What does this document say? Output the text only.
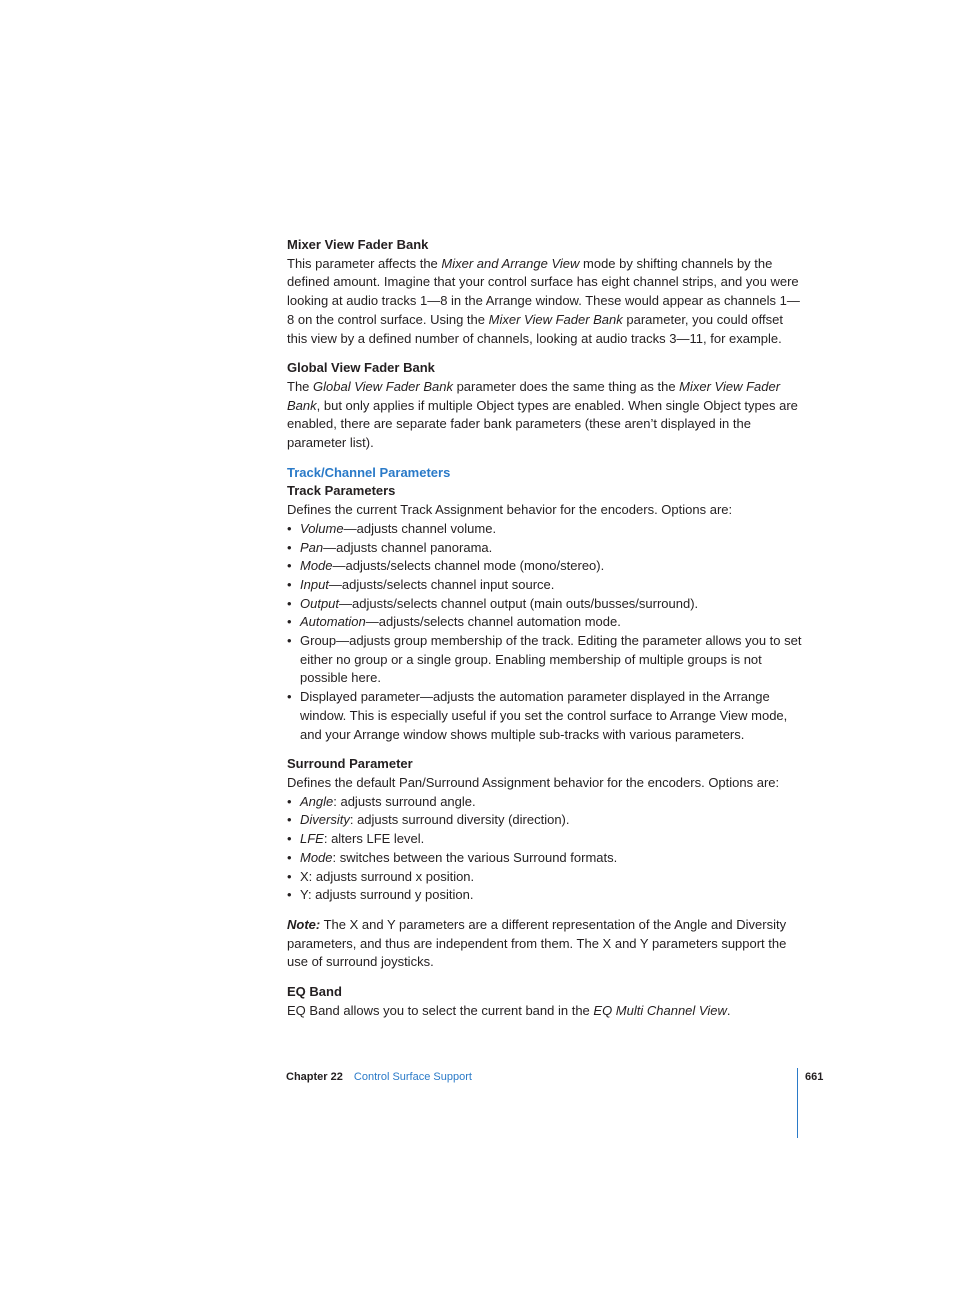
Mixer View Fader Bank

This parameter affects the Mixer and Arrange View mode by shifting channels by the defined amount. Imagine that your control surface has eight channel strips, and you were looking at audio tracks 1—8 in the Arrange window. These would appear as channels 1—8 on the control surface. Using the Mixer View Fader Bank parameter, you could offset this view by a defined number of channels, looking at audio tracks 3—11, for example.

Global View Fader Bank

The Global View Fader Bank parameter does the same thing as the Mixer View Fader Bank, but only applies if multiple Object types are enabled. When single Object types are enabled, there are separate fader bank parameters (these aren’t displayed in the parameter list).

Track/Channel Parameters

Track Parameters

Defines the current Track Assignment behavior for the encoders. Options are:

• Volume—adjusts channel volume.
• Pan—adjusts channel panorama.
• Mode—adjusts/selects channel mode (mono/stereo).
• Input—adjusts/selects channel input source.
• Output—adjusts/selects channel output (main outs/busses/surround).
• Automation—adjusts/selects channel automation mode.
• Group—adjusts group membership of the track. Editing the parameter allows you to set either no group or a single group. Enabling membership of multiple groups is not possible here.
• Displayed parameter—adjusts the automation parameter displayed in the Arrange window. This is especially useful if you set the control surface to Arrange View mode, and your Arrange window shows multiple sub-tracks with various parameters.

Surround Parameter

Defines the default Pan/Surround Assignment behavior for the encoders. Options are:

• Angle: adjusts surround angle.
• Diversity: adjusts surround diversity (direction).
• LFE: alters LFE level.
• Mode: switches between the various Surround formats.
• X: adjusts surround x position.
• Y: adjusts surround y position.

Note: The X and Y parameters are a different representation of the Angle and Diversity parameters, and thus are independent from them. The X and Y parameters support the use of surround joysticks.

EQ Band

EQ Band allows you to select the current band in the EQ Multi Channel View.

Chapter 22 Control Surface Support	661
